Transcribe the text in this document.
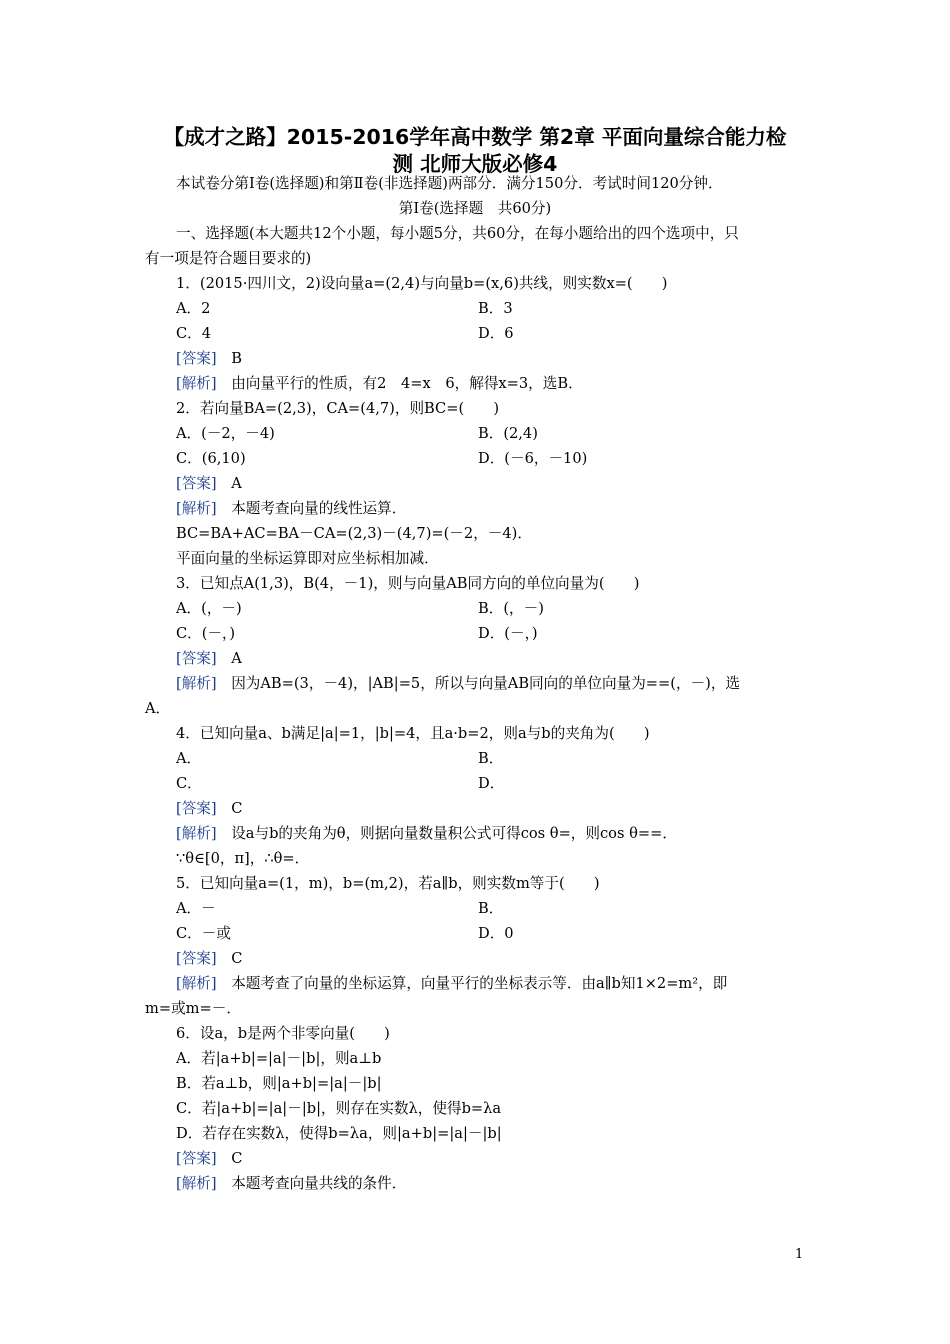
【成才之路】2015-2016学年高中数学 第2章 平面向量综合能力检
测 北师大版必修4
本试卷分第Ⅰ卷(选择题)和第Ⅱ卷(非选择题)两部分．满分150分．考试时间120分钟．
第Ⅰ卷(选择题　共60分)
一、选择题(本大题共12个小题，每小题5分，共60分，在每小题给出的四个选项中，只
有一项是符合题目要求的)
1．(2015·四川文，2)设向量a=(2,4)与向量b=(x,6)共线，则实数x=(　　)
A．2	B．3
C．4	D．6
[答案]　 B
[解析]　 由向量平行的性质，有2　4=x　6，解得x=3，选B．
2．若向量BA=(2,3)，CA=(4,7)，则BC=(　　)
A．(－2，－4)	B．(2,4)
C．(6,10)	D．(－6，－10)
[答案]　 A
[解析]　 本题考查向量的线性运算．
BC=BA+AC=BA－CA=(2,3)－(4,7)=(－2，－4)．
平面向量的坐标运算即对应坐标相加减．
3．已知点A(1,3)，B(4，－1)，则与向量AB同方向的单位向量为(　　)
A．(，－)	B．(，－)
C．(－，)	D．(－，)
[答案]　 A
[解析]　 因为AB=(3，－4)，|AB|=5，所以与向量AB同向的单位向量为==(，－)，选
A．
4．已知向量a、b满足|a|=1，|b|=4，且a·b=2，则a与b的夹角为(　　)
A．	B．
C．	D．
[答案]　 C
[解析]　 设a与b的夹角为θ，则据向量数量积公式可得cos θ=，则cos θ==．
∵θ∈[0，π]，∴θ=．
5．已知向量a=(1，m)，b=(m,2)，若a∥b，则实数m等于(　　)
A．－	B．
C．－或	D．0
[答案]　 C
[解析]　 本题考查了向量的坐标运算，向量平行的坐标表示等．由a∥b知1×2=m²，即
m=或m=－．
6．设a，b是两个非零向量(　　)
A．若|a+b|=|a|－|b|，则a⊥b
B．若a⊥b，则|a+b|=|a|－|b|
C．若|a+b|=|a|－|b|，则存在实数λ，使得b=λa
D．若存在实数λ，使得b=λa，则|a+b|=|a|－|b|
[答案]　 C
[解析]　 本题考查向量共线的条件．
1
